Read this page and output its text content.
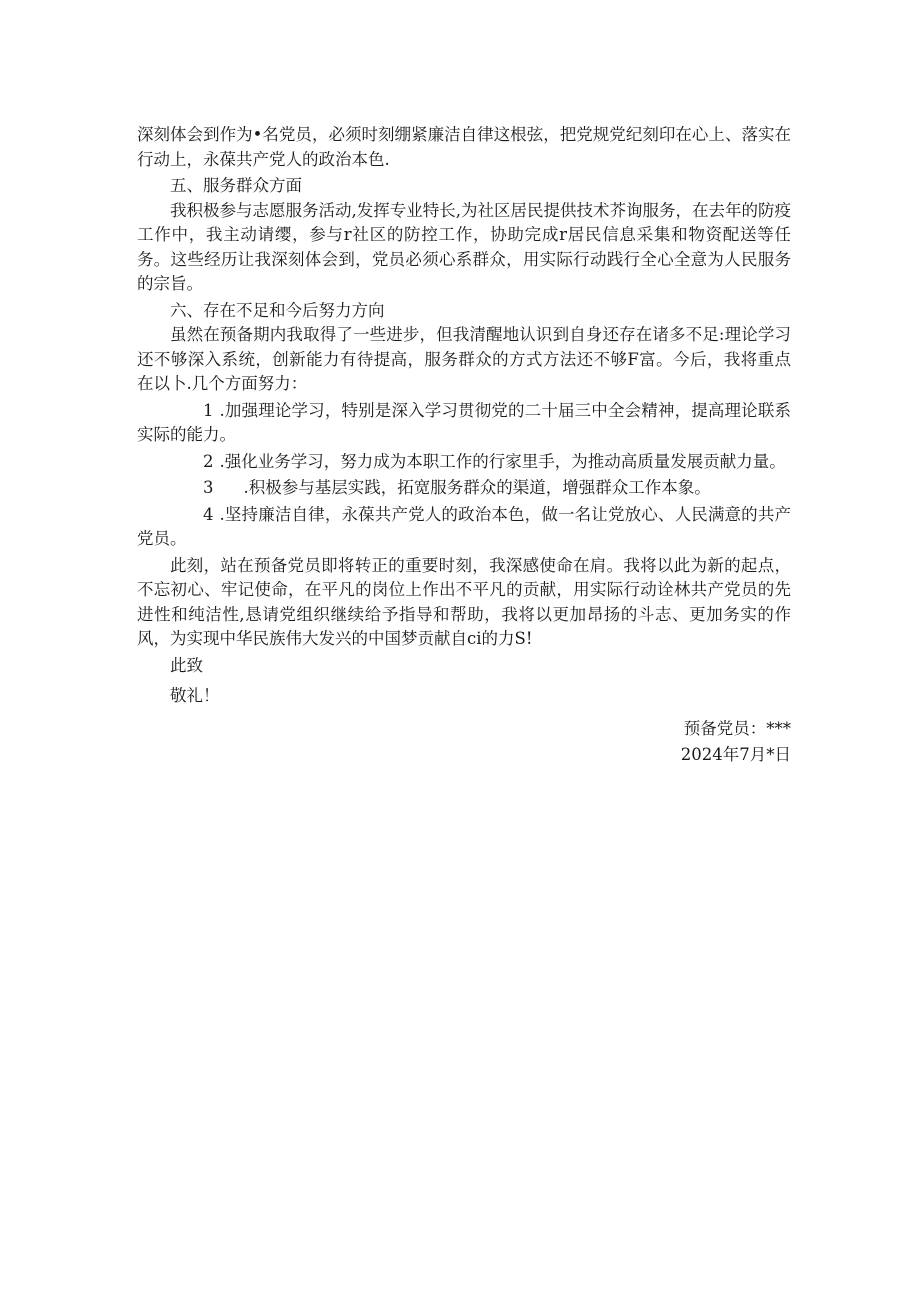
深刻体会到作为•名党员，必须时刻绷紧廉洁自律这根弦，把党规党纪刻印在心上、落实在行动上，永葆共产党人的政治本色.

五、服务群众方面

我积极参与志愿服务活动,发挥专业特长,为社区居民提供技术芥询服务，在去年的防疫工作中，我主动请缨，参与r社区的防控工作，协助完成r居民信息采集和物资配送等任务。这些经历让我深刻体会到，党员必须心系群众，用实际行动践行全心全意为人民服务的宗旨。

六、存在不足和今后努力方向

虽然在预备期内我取得了一些进步，但我清醒地认识到自身还存在诸多不足:理论学习还不够深入系统，创新能力有待提高，服务群众的方式方法还不够F富。今后，我将重点在以卜.几个方面努力：

1 .加强理论学习，特别是深入学习贯彻党的二十届三中全会精神，提高理论联系实际的能力。

2 .强化业务学习，努力成为本职工作的行家里手，为推动高质量发展贡献力量。

3 .积极参与基层实践，拓宽服务群众的渠道，增强群众工作本象。

4 .坚持廉洁自律，永葆共产党人的政治本色，做一名让党放心、人民满意的共产党员。

此刻，站在预备党员即将转正的重要时刻，我深感使命在肩。我将以此为新的起点，不忘初心、牢记使命，在平凡的岗位上作出不平凡的贡献，用实际行动诠林共产党员的先进性和纯洁性,恳请党组织继续给予指导和帮助，我将以更加昂扬的斗志、更加务实的作风，为实现中华民族伟大发兴的中国梦贡献自ci的力S!

此致

敬礼！

预备党员：***

2024年7月*日
